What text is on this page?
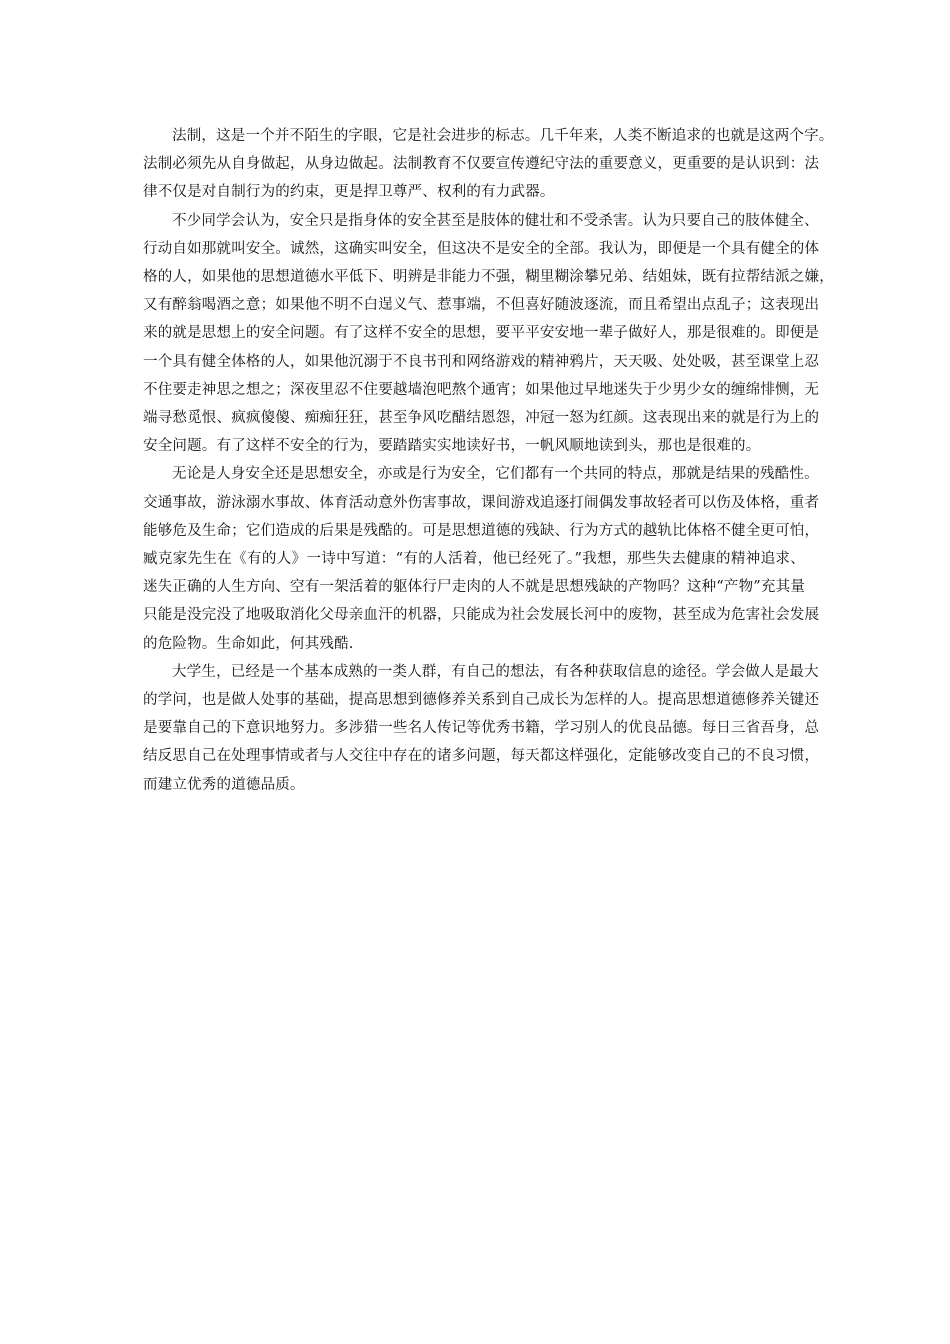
法制，这是一个并不陌生的字眼，它是社会进步的标志。几千年来，人类不断追求的也就是这两个字。
法制必须先从自身做起，从身边做起。法制教育不仅要宣传遵纪守法的重要意义，更重要的是认识到：法
律不仅是对自制行为的约束，更是捍卫尊严、权利的有力武器。
不少同学会认为，安全只是指身体的安全甚至是肢体的健壮和不受杀害。认为只要自己的肢体健全、
行动自如那就叫安全。诚然，这确实叫安全，但这决不是安全的全部。我认为，即便是一个具有健全的体
格的人，如果他的思想道德水平低下、明辨是非能力不强，糊里糊涂攀兄弟、结姐妹，既有拉帮结派之嫌，
又有醉翁喝酒之意；如果他不明不白逞义气、惹事端，不但喜好随波逐流，而且希望出点乱子；这表现出
来的就是思想上的安全问题。有了这样不安全的思想，要平平安安地一辈子做好人，那是很难的。即便是
一个具有健全体格的人，如果他沉溺于不良书刊和网络游戏的精神鸦片，天天吸、处处吸，甚至课堂上忍
不住要走神思之想之；深夜里忍不住要越墙泡吧熬个通宵；如果他过早地迷失于少男少女的缠绵悱恻，无
端寻愁觅恨、疯疯傻傻、痴痴狂狂，甚至争风吃醋结恩怨，冲冠一怒为红颜。这表现出来的就是行为上的
安全问题。有了这样不安全的行为，要踏踏实实地读好书，一帆风顺地读到头，那也是很难的。
无论是人身安全还是思想安全，亦或是行为安全，它们都有一个共同的特点，那就是结果的残酷性。
交通事故，游泳溺水事故、体育活动意外伤害事故，课间游戏追逐打闹偶发事故轻者可以伤及体格，重者
能够危及生命；它们造成的后果是残酷的。可是思想道德的残缺、行为方式的越轨比体格不健全更可怕，
臧克家先生在《有的人》一诗中写道：“有的人活着，他已经死了。”我想，那些失去健康的精神追求、
迷失正确的人生方向、空有一架活着的躯体行尸走肉的人不就是思想残缺的产物吗？这种“产物”充其量
只能是没完没了地吸取消化父母亲血汗的机器，只能成为社会发展长河中的废物，甚至成为危害社会发展
的危险物。生命如此，何其残酷.
大学生，已经是一个基本成熟的一类人群，有自己的想法，有各种获取信息的途径。学会做人是最大
的学问，也是做人处事的基础，提高思想到德修养关系到自己成长为怎样的人。提高思想道德修养关键还
是要靠自己的下意识地努力。多涉猎一些名人传记等优秀书籍，学习别人的优良品德。每日三省吾身，总
结反思自己在处理事情或者与人交往中存在的诸多问题，每天都这样强化，定能够改变自己的不良习惯，
而建立优秀的道德品质。
